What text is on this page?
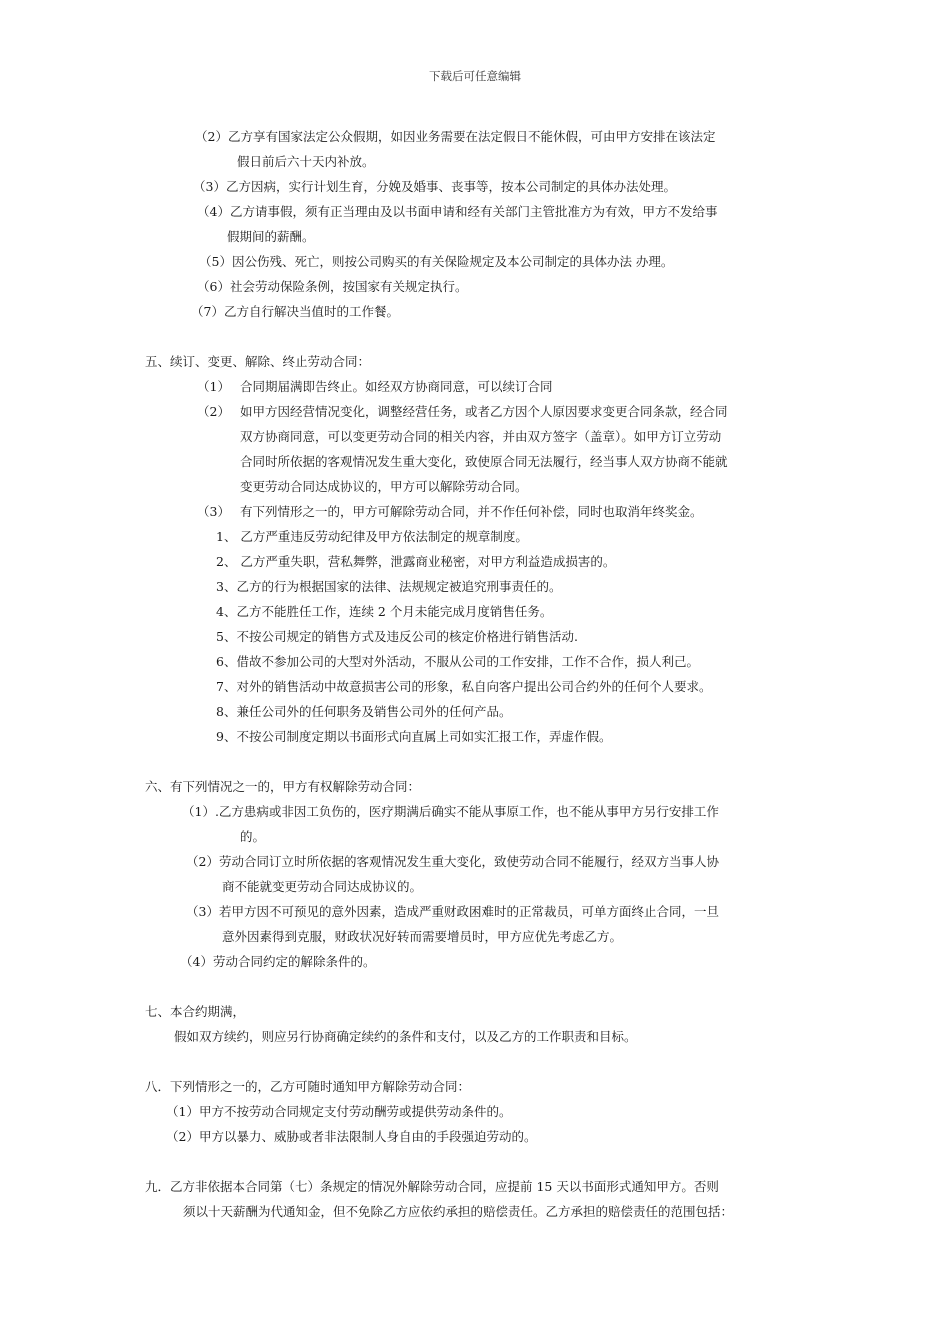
下载后可任意编辑
（2）乙方享有国家法定公众假期，如因业务需要在法定假日不能休假，可由甲方安排在该法定
假日前后六十天内补放。
（3）乙方因病，实行计划生育，分娩及婚事、丧事等，按本公司制定的具体办法处理。
（4）乙方请事假，须有正当理由及以书面申请和经有关部门主管批准方为有效，甲方不发给事
假期间的薪酬。
（5）因公伤残、死亡，则按公司购买的有关保险规定及本公司制定的具体办法 办理。
（6）社会劳动保险条例，按国家有关规定执行。
（7）乙方自行解决当值时的工作餐。
五、续订、变更、解除、终止劳动合同：
（1） 合同期届满即告终止。如经双方协商同意，可以续订合同
（2） 如甲方因经营情况变化，调整经营任务，或者乙方因个人原因要求变更合同条款，经合同
双方协商同意，可以变更劳动合同的相关内容，并由双方签字（盖章）。如甲方订立劳动
合同时所依据的客观情况发生重大变化，致使原合同无法履行，经当事人双方协商不能就
变更劳动合同达成协议的，甲方可以解除劳动合同。
（3） 有下列情形之一的，甲方可解除劳动合同，并不作任何补偿，同时也取消年终奖金。
1、 乙方严重违反劳动纪律及甲方依法制定的规章制度。
2、 乙方严重失职，营私舞弊，泄露商业秘密，对甲方利益造成损害的。
3、乙方的行为根据国家的法律、法规规定被追究刑事责任的。
4、乙方不能胜任工作，连续 2 个月未能完成月度销售任务。
5、不按公司规定的销售方式及违反公司的核定价格进行销售活动.
6、借故不参加公司的大型对外活动，不服从公司的工作安排，工作不合作，损人利己。
7、对外的销售活动中故意损害公司的形象，私自向客户提出公司合约外的任何个人要求。
8、兼任公司外的任何职务及销售公司外的任何产品。
9、不按公司制度定期以书面形式向直属上司如实汇报工作，弄虚作假。
六、有下列情况之一的，甲方有权解除劳动合同：
（1）.乙方患病或非因工负伤的，医疗期满后确实不能从事原工作，也不能从事甲方另行安排工作
的。
（2）劳动合同订立时所依据的客观情况发生重大变化，致使劳动合同不能履行，经双方当事人协
商不能就变更劳动合同达成协议的。
（3）若甲方因不可预见的意外因素，造成严重财政困难时的正常裁员，可单方面终止合同，一旦
意外因素得到克服，财政状况好转而需要增员时，甲方应优先考虑乙方。
（4）劳动合同约定的解除条件的。
七、本合约期满，
假如双方续约，则应另行协商确定续约的条件和支付，以及乙方的工作职责和目标。
八．下列情形之一的，乙方可随时通知甲方解除劳动合同：
（1）甲方不按劳动合同规定支付劳动酬劳或提供劳动条件的。
（2）甲方以暴力、威胁或者非法限制人身自由的手段强迫劳动的。
九．乙方非依据本合同第（七）条规定的情况外解除劳动合同，应提前 15 天以书面形式通知甲方。否则
须以十天薪酬为代通知金，但不免除乙方应依约承担的赔偿责任。乙方承担的赔偿责任的范围包括：
